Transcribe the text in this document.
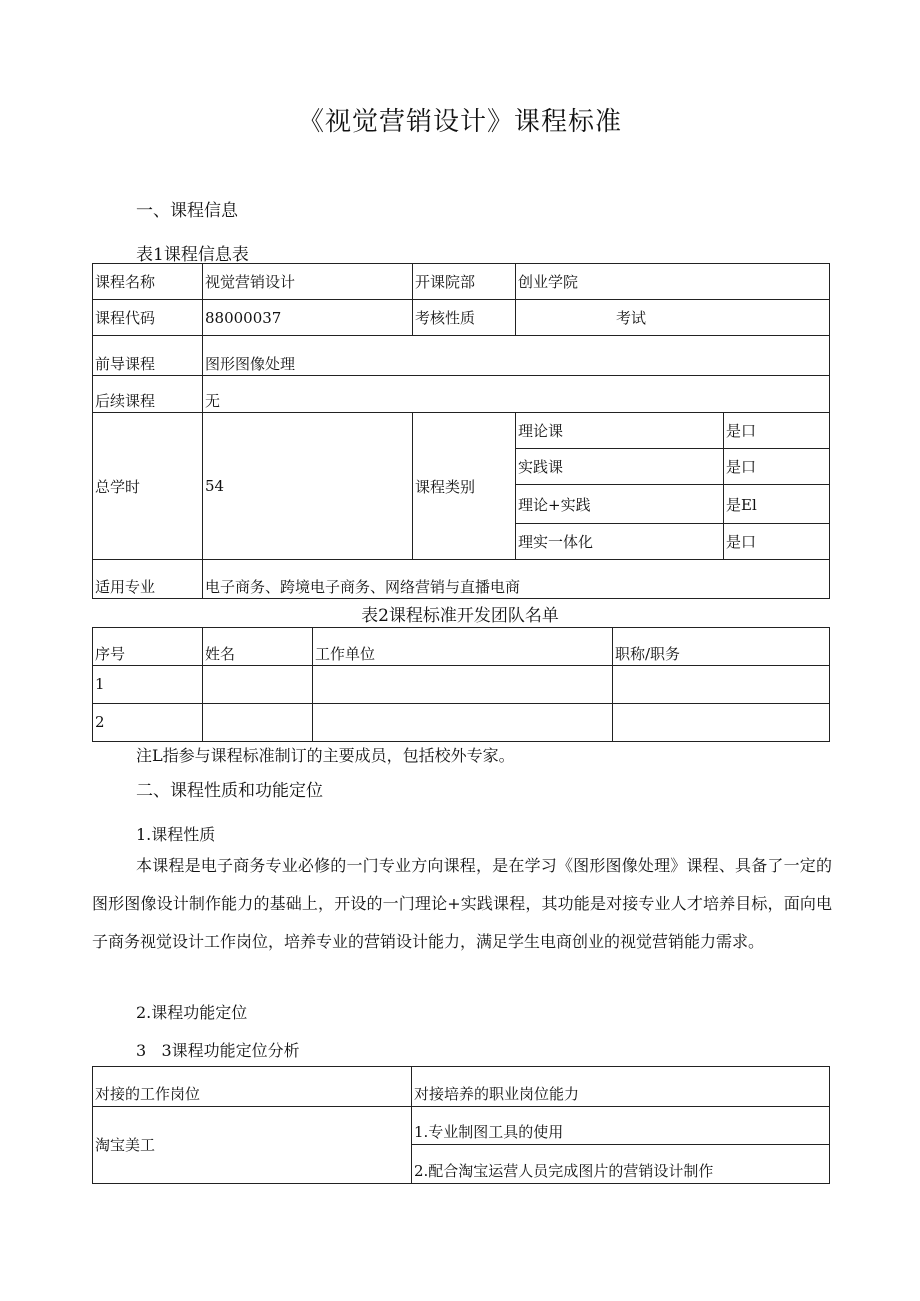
《视觉营销设计》课程标准
一、课程信息
表1课程信息表
课程名称	视觉营销设计	开课院部	创业学院	
课程代码	88000037	考核性质	考试	
前导课程	图形图像处理			
后续课程	无			
总学时	54	课程类别	理论课	是口
			实践课	是口
			理论+实践	是El
			理实一体化	是口
适用专业	电子商务、跨境电子商务、网络营销与直播电商			
表2课程标准开发团队名单
序号	姓名	工作单位	职称/职务
1			
2			
注L指参与课程标准制订的主要成员，包括校外专家。
二、课程性质和功能定位
1.课程性质
本课程是电子商务专业必修的一门专业方向课程，是在学习《图形图像处理》课程、具备了一定的图形图像设计制作能力的基础上，开设的一门理论+实践课程，其功能是对接专业人才培养目标，面向电子商务视觉设计工作岗位，培养专业的营销设计能力，满足学生电商创业的视觉营销能力需求。
2.课程功能定位
3   3课程功能定位分析
对接的工作岗位	对接培养的职业岗位能力
淘宝美工	1.专业制图工具的使用
	2.配合淘宝运营人员完成图片的营销设计制作
